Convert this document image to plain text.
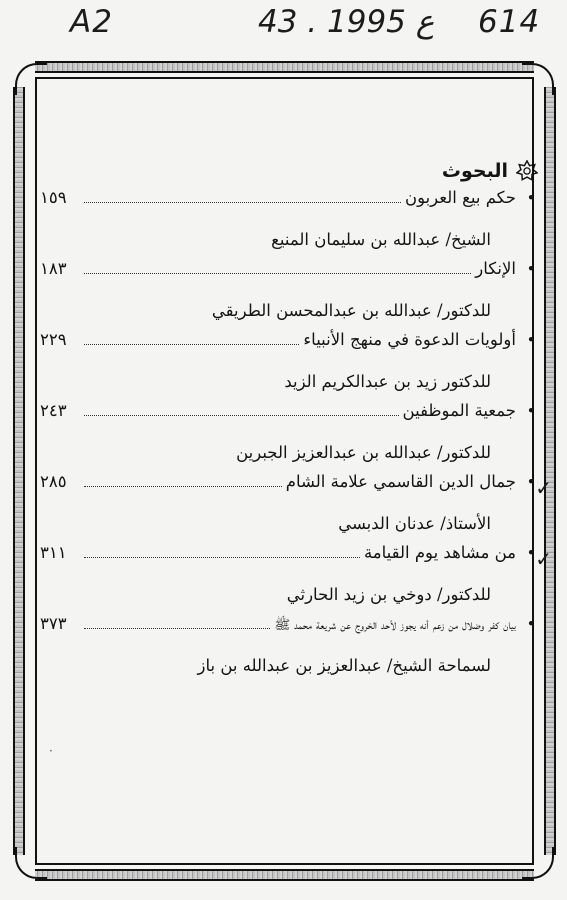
A2	43 . ع 1995 614
البحوث
•
حكم بيع العربون
١٥٩
الشيخ/ عبدالله بن سليمان المنيع
•
الإنكار
١٨٣
للدكتور/ عبدالله بن عبدالمحسن الطريقي
•
أولويات الدعوة في منهج الأنبياء
٢٢٩
للدكتور زيد بن عبدالكريم الزيد
•
جمعية الموظفين
٢٤٣
للدكتور/ عبدالله بن عبدالعزيز الجبرين
•
جمال الدين القاسمي علامة الشام
٢٨٥
الأستاذ/ عدنان الدبسي
✓
•
من مشاهد يوم القيامة
٣١١
للدكتور/ دوخي بن زيد الحارثي
✓
•
بيان كفر وضلال من زعم أنه يجوز لأحد الخروج عن شريعة محمد ﷺ
٣٧٣
لسماحة الشيخ/ عبدالعزيز بن عبدالله بن باز
·
